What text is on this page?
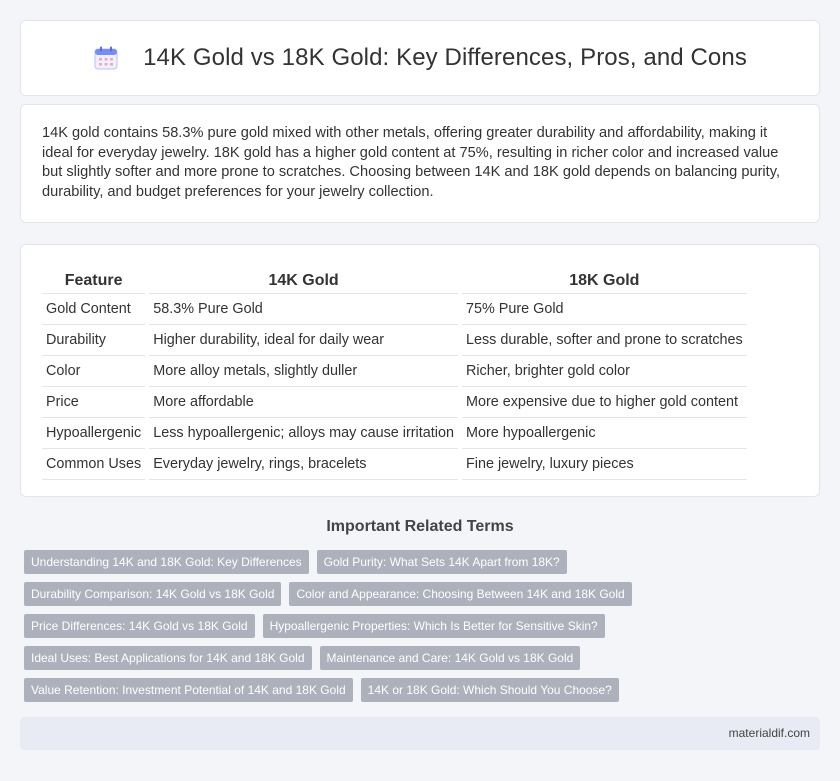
14K Gold vs 18K Gold: Key Differences, Pros, and Cons

14K gold contains 58.3% pure gold mixed with other metals, offering greater durability and affordability, making it ideal for everyday jewelry. 18K gold has a higher gold content at 75%, resulting in richer color and increased value but slightly softer and more prone to scratches. Choosing between 14K and 18K gold depends on balancing purity, durability, and budget preferences for your jewelry collection.

Feature	14K Gold	18K Gold
Gold Content	58.3% Pure Gold	75% Pure Gold
Durability	Higher durability, ideal for daily wear	Less durable, softer and prone to scratches
Color	More alloy metals, slightly duller	Richer, brighter gold color
Price	More affordable	More expensive due to higher gold content
Hypoallergenic	Less hypoallergenic; alloys may cause irritation	More hypoallergenic
Common Uses	Everyday jewelry, rings, bracelets	Fine jewelry, luxury pieces
Important Related Terms
Understanding 14K and 18K Gold: Key Differences	Gold Purity: What Sets 14K Apart from 18K?
Durability Comparison: 14K Gold vs 18K Gold	Color and Appearance: Choosing Between 14K and 18K Gold
Price Differences: 14K Gold vs 18K Gold	Hypoallergenic Properties: Which Is Better for Sensitive Skin?
Ideal Uses: Best Applications for 14K and 18K Gold	Maintenance and Care: 14K Gold vs 18K Gold
Value Retention: Investment Potential of 14K and 18K Gold	14K or 18K Gold: Which Should You Choose?
materialdif.com
